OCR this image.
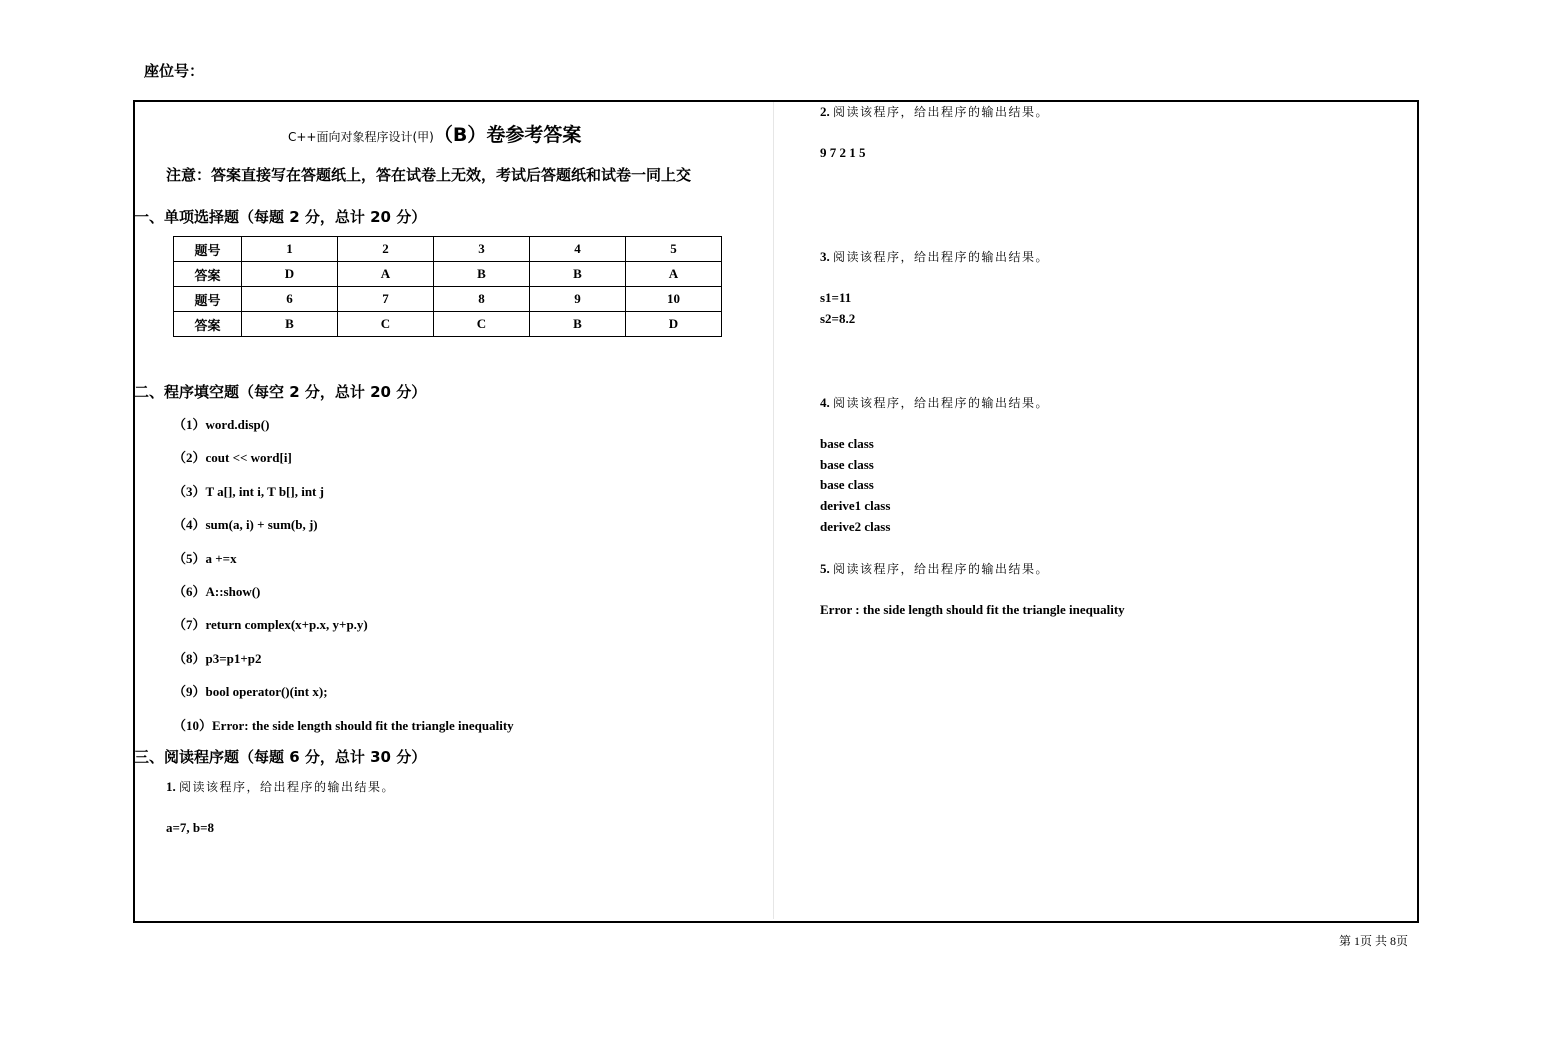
座位号：
C++面向对象程序设计(甲)（B）卷参考答案
注意：答案直接写在答题纸上，答在试卷上无效，考试后答题纸和试卷一同上交
一、单项选择题（每题 2 分，总计 20 分）
题号	1	2	3	4	5
答案	D	A	B	B	A
题号	6	7	8	9	10
答案	B	C	C	B	D
二、程序填空题（每空 2 分，总计 20 分）
（1）word.disp()
（2）cout << word[i]
（3）T a[], int i, T b[], int j
（4）sum(a, i) + sum(b, j)
（5）a +=x
（6）A::show()
（7）return complex(x+p.x, y+p.y)
（8）p3=p1+p2
（9）bool operator()(int x);
（10）Error: the side length should fit the triangle inequality
三、阅读程序题（每题 6 分，总计 30 分）
1. 阅读该程序，给出程序的输出结果。
a=7, b=8
2. 阅读该程序，给出程序的输出结果。
9 7 2 1 5
3. 阅读该程序，给出程序的输出结果。
s1=11
s2=8.2
4. 阅读该程序，给出程序的输出结果。
base class
base class
base class
derive1 class
derive2 class
5. 阅读该程序，给出程序的输出结果。
Error : the side length should fit the triangle inequality
第 1页 共 8页
